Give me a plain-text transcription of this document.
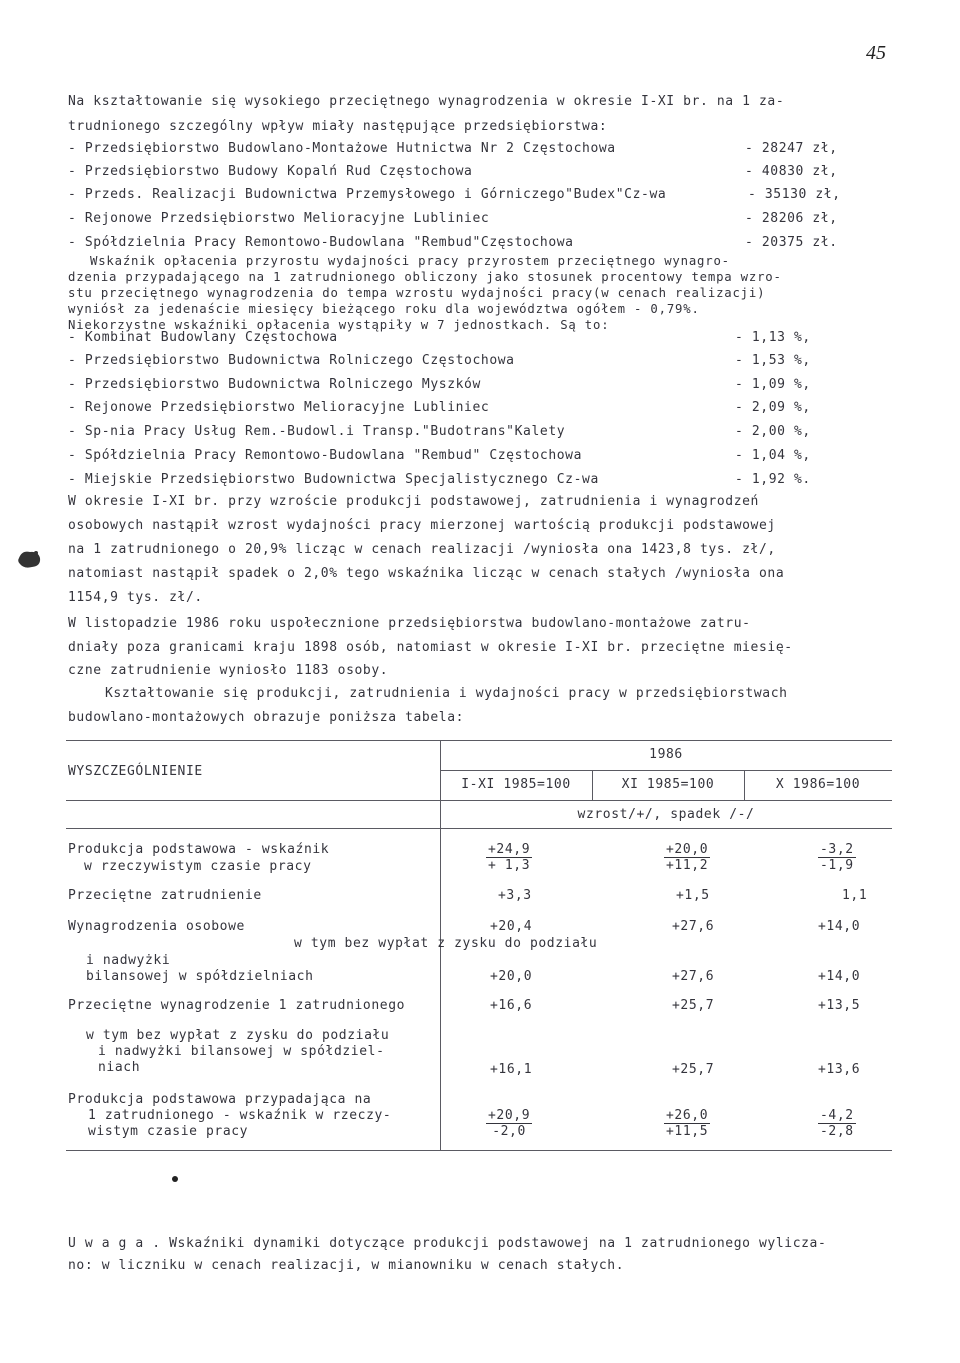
45
Na kształtowanie się wysokiego przeciętnego wynagrodzenia w okresie I-XI br. na 1 za-
trudnionego szczególny wpływ miały następujące przedsiębiorstwa:
- Przedsiębiorstwo Budowlano-Montażowe Hutnictwa Nr 2 Częstochowa	- 28247 zł,
- Przedsiębiorstwo Budowy Kopalń Rud Częstochowa	- 40830 zł,
- Przeds. Realizacji Budownictwa Przemysłowego i Górniczego"Budex"Cz-wa	- 35130 zł,
- Rejonowe Przedsiębiorstwo Melioracyjne Lubliniec	- 28206 zł,
- Spółdzielnia Pracy Remontowo-Budowlana "Rembud"Częstochowa	- 20375 zł.
Wskaźnik opłacenia przyrostu wydajności pracy przyrostem przeciętnego wynagro-
dzenia przypadającego na 1 zatrudnionego obliczony jako stosunek procentowy tempa wzro-
stu przeciętnego wynagrodzenia do tempa wzrostu wydajności pracy(w cenach realizacji)
wyniósł za jedenaście miesięcy bieżącego roku dla województwa ogółem - 0,79%.
Niekorzystne wskaźniki opłacenia wystąpiły w 7 jednostkach. Są to:
- Kombinat Budowlany Częstochowa	- 1,13 %,
- Przedsiębiorstwo Budownictwa Rolniczego Częstochowa	- 1,53 %,
- Przedsiębiorstwo Budownictwa Rolniczego Myszków	- 1,09 %,
- Rejonowe Przedsiębiorstwo Melioracyjne Lubliniec	- 2,09 %,
- Sp-nia Pracy Usług Rem.-Budowl.i Transp."Budotrans"Kalety	- 2,00 %,
- Spółdzielnia Pracy Remontowo-Budowlana "Rembud" Częstochowa	- 1,04 %,
- Miejskie Przedsiębiorstwo Budownictwa Specjalistycznego Cz-wa	- 1,92 %.
W okresie I-XI br. przy wzroście produkcji podstawowej, zatrudnienia i wynagrodzeń
osobowych nastąpił wzrost wydajności pracy mierzonej wartością produkcji podstawowej
na 1 zatrudnionego o 20,9% licząc w cenach realizacji /wyniosła ona 1423,8 tys. zł/,
natomiast nastąpił spadek o 2,0% tego wskaźnika licząc w cenach stałych /wyniosła ona
1154,9 tys. zł/.
W listopadzie 1986 roku uspołecznione przedsiębiorstwa budowlano-montażowe zatru-
dniały poza granicami kraju 1898 osób, natomiast w okresie I-XI br. przeciętne miesię-
czne zatrudnienie wyniosło 1183 osoby.
Kształtowanie się produkcji, zatrudnienia i wydajności pracy w przedsiębiorstwach
budowlano-montażowych obrazuje poniższa tabela:
WYSZCZEGÓLNIENIE
1986
I-XI 1985=100	XI 1985=100	X 1986=100
wzrost/+/, spadek /-/
Produkcja podstawowa - wskaźnik
w rzeczywistym czasie pracy	$\frac{+24,9}{+ 1,3}$	$\frac{+20,0}{+11,2}$	$\frac{-3,2}{-1,9}$
Przeciętne zatrudnienie	+3,3	+1,5	1,1
Wynagrodzenia osobowe	+20,4	+27,6	+14,0
w tym bez wypłat z zysku do podziału
i nadwyżki
bilansowej w spółdzielniach	+20,0	+27,6	+14,0
Przeciętne wynagrodzenie 1 zatrudnionego	+16,6	+25,7	+13,5
w tym bez wypłat z zysku do podziału
i nadwyżki bilansowej w spółdziel-
niach	+16,1	+25,7	+13,6
Produkcja podstawowa przypadająca na
1 zatrudnionego - wskaźnik w rzeczy-
wistym czasie pracy	$\frac{+20,9}{-2,0}$	$\frac{+26,0}{+11,5}$	$\frac{-4,2}{-2,8}$
U w a g a . Wskaźniki dynamiki dotyczące produkcji podstawowej na 1 zatrudnionego wylicza-
no: w liczniku w cenach realizacji, w mianowniku w cenach stałych.
